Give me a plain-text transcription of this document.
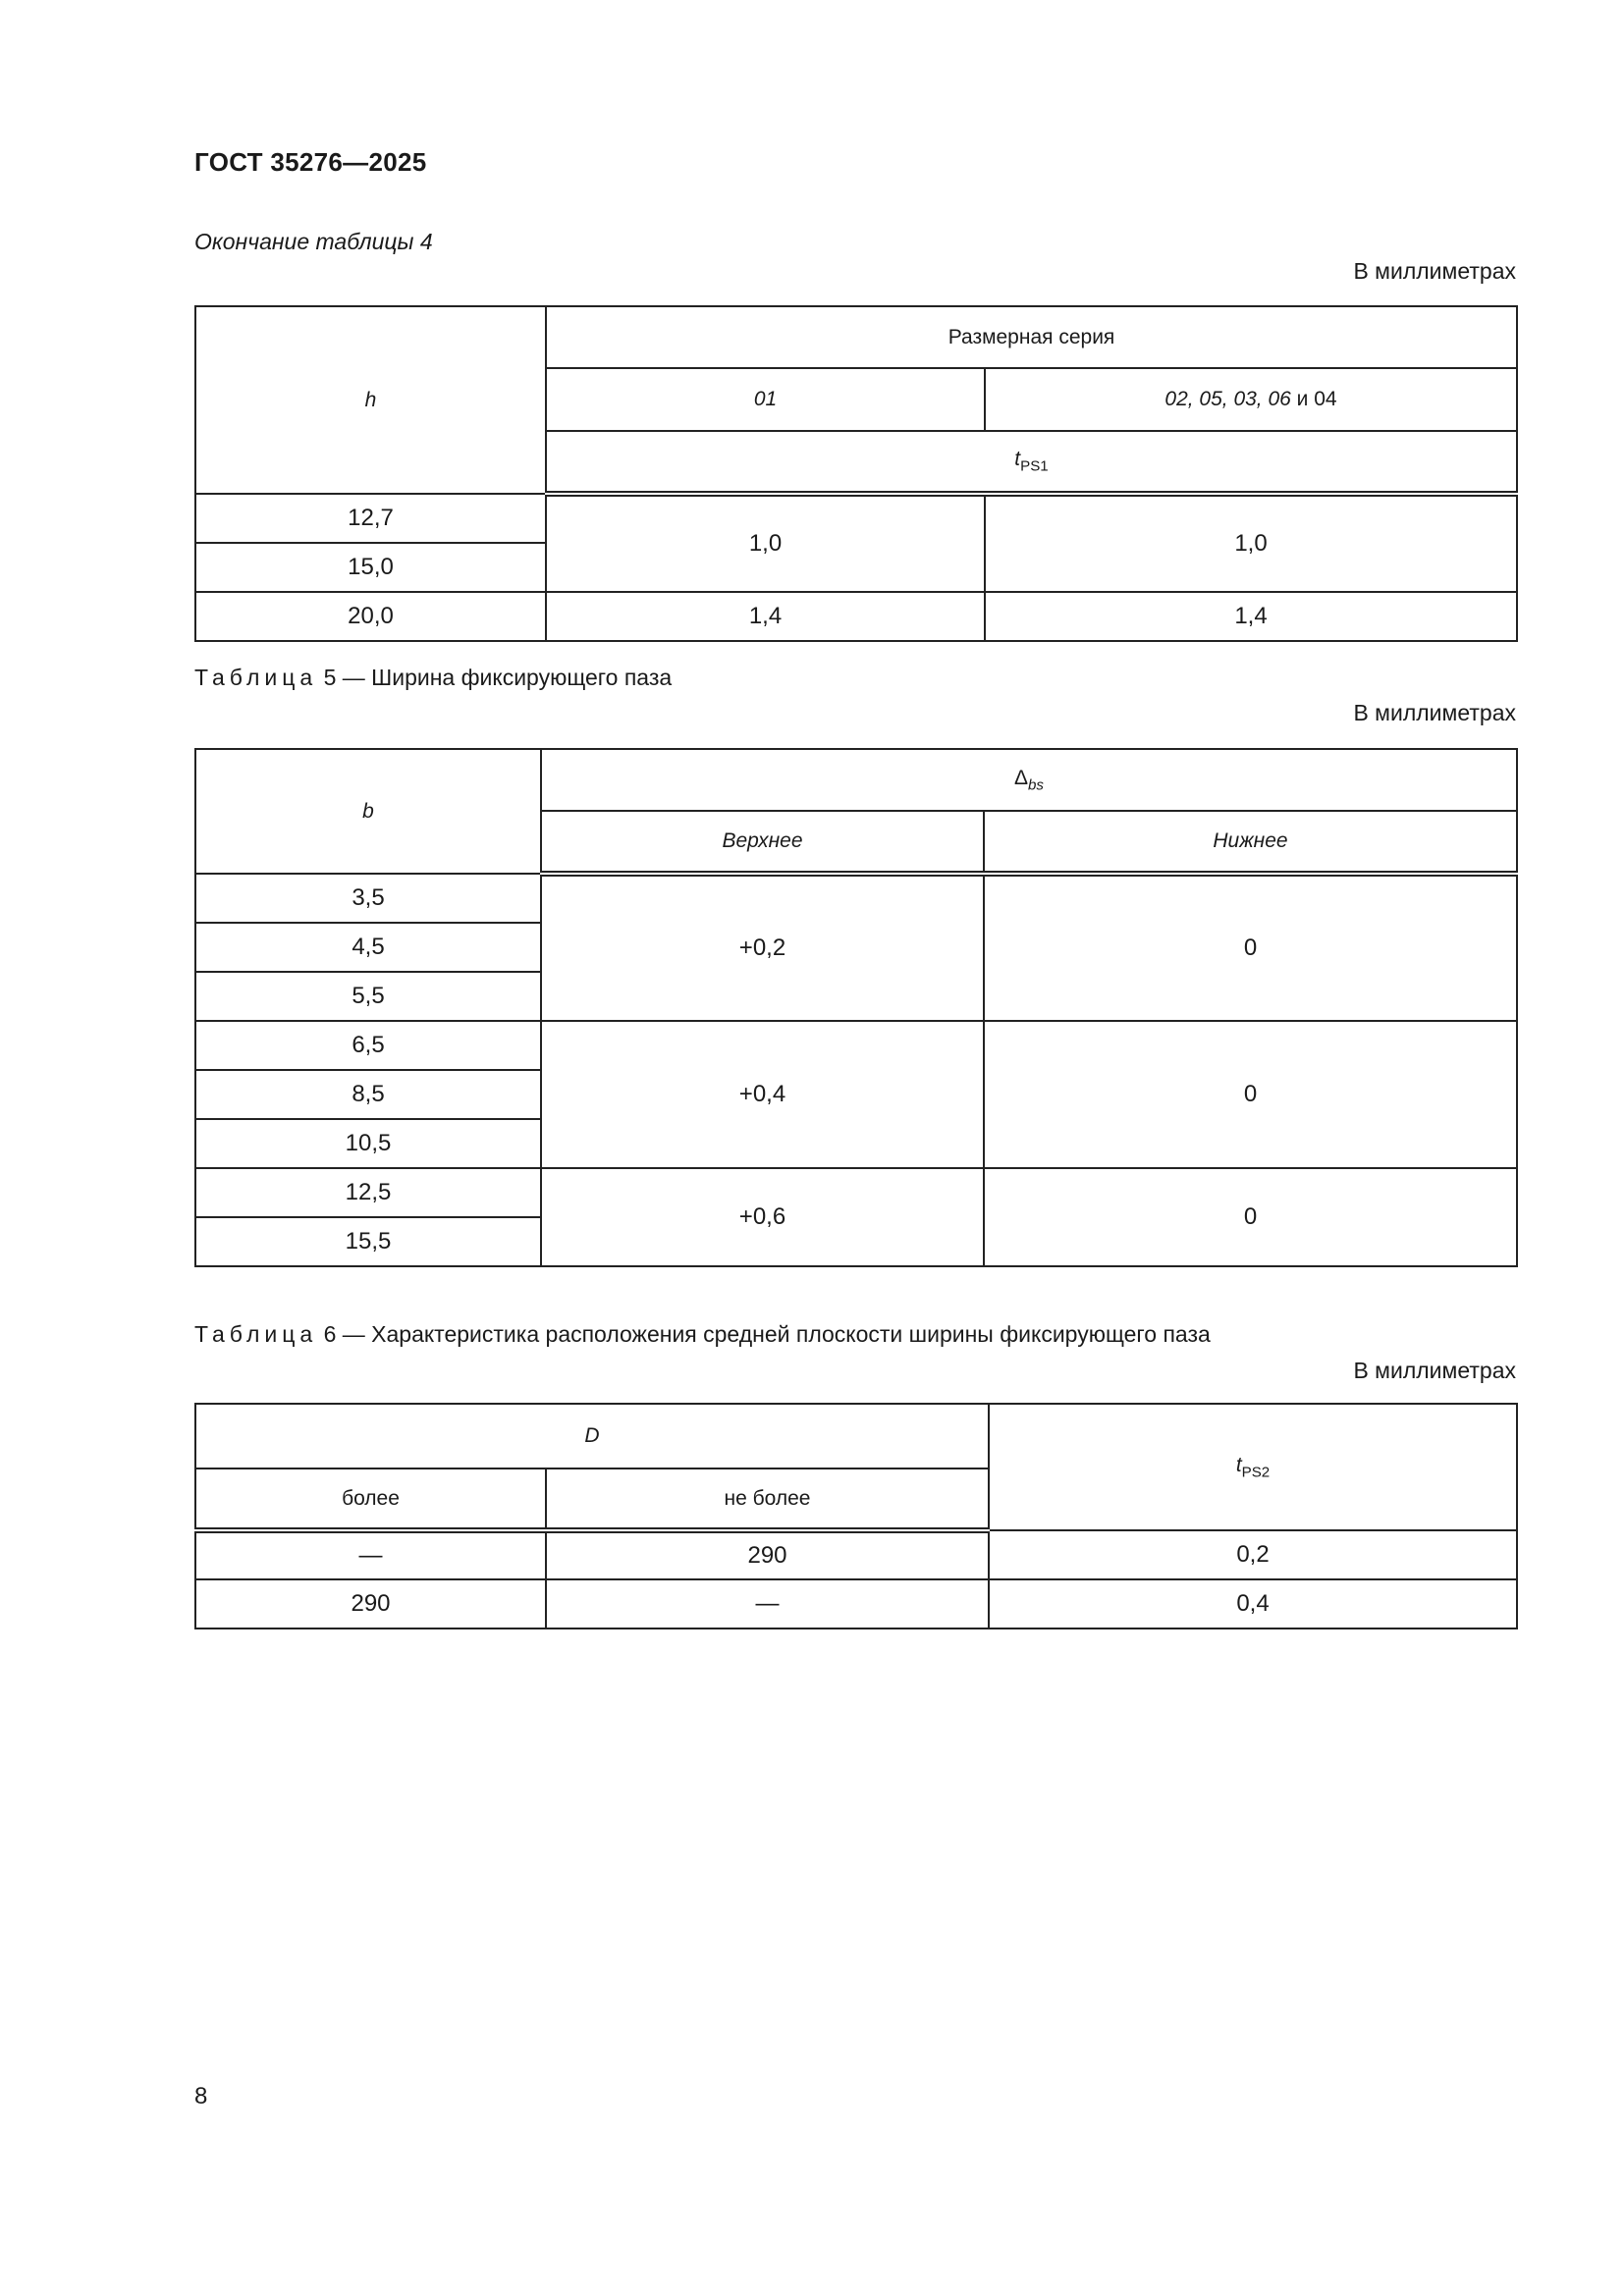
ГОСТ 35276—2025
Окончание таблицы 4
В миллиметрах
h	Размерная серия	
	01	02, 05, 03, 06 и 04
	$t_{PS1}$
12,7	1,0	1,0
15,0		
20,0	1,4	1,4
Таблица 5 — Ширина фиксирующего паза
В миллиметрах
b	$\Delta_{bs}$
	Верхнее	Нижнее
3,5	+0,2	0
4,5		
5,5		
6,5	+0,4	0
8,5		
10,5		
12,5	+0,6	0
15,5		
Таблица 6 — Характеристика расположения средней плоскости ширины фиксирующего паза
В миллиметрах
D		$t_{PS2}$
более	не более	
—	290	0,2
290	—	0,4
8
